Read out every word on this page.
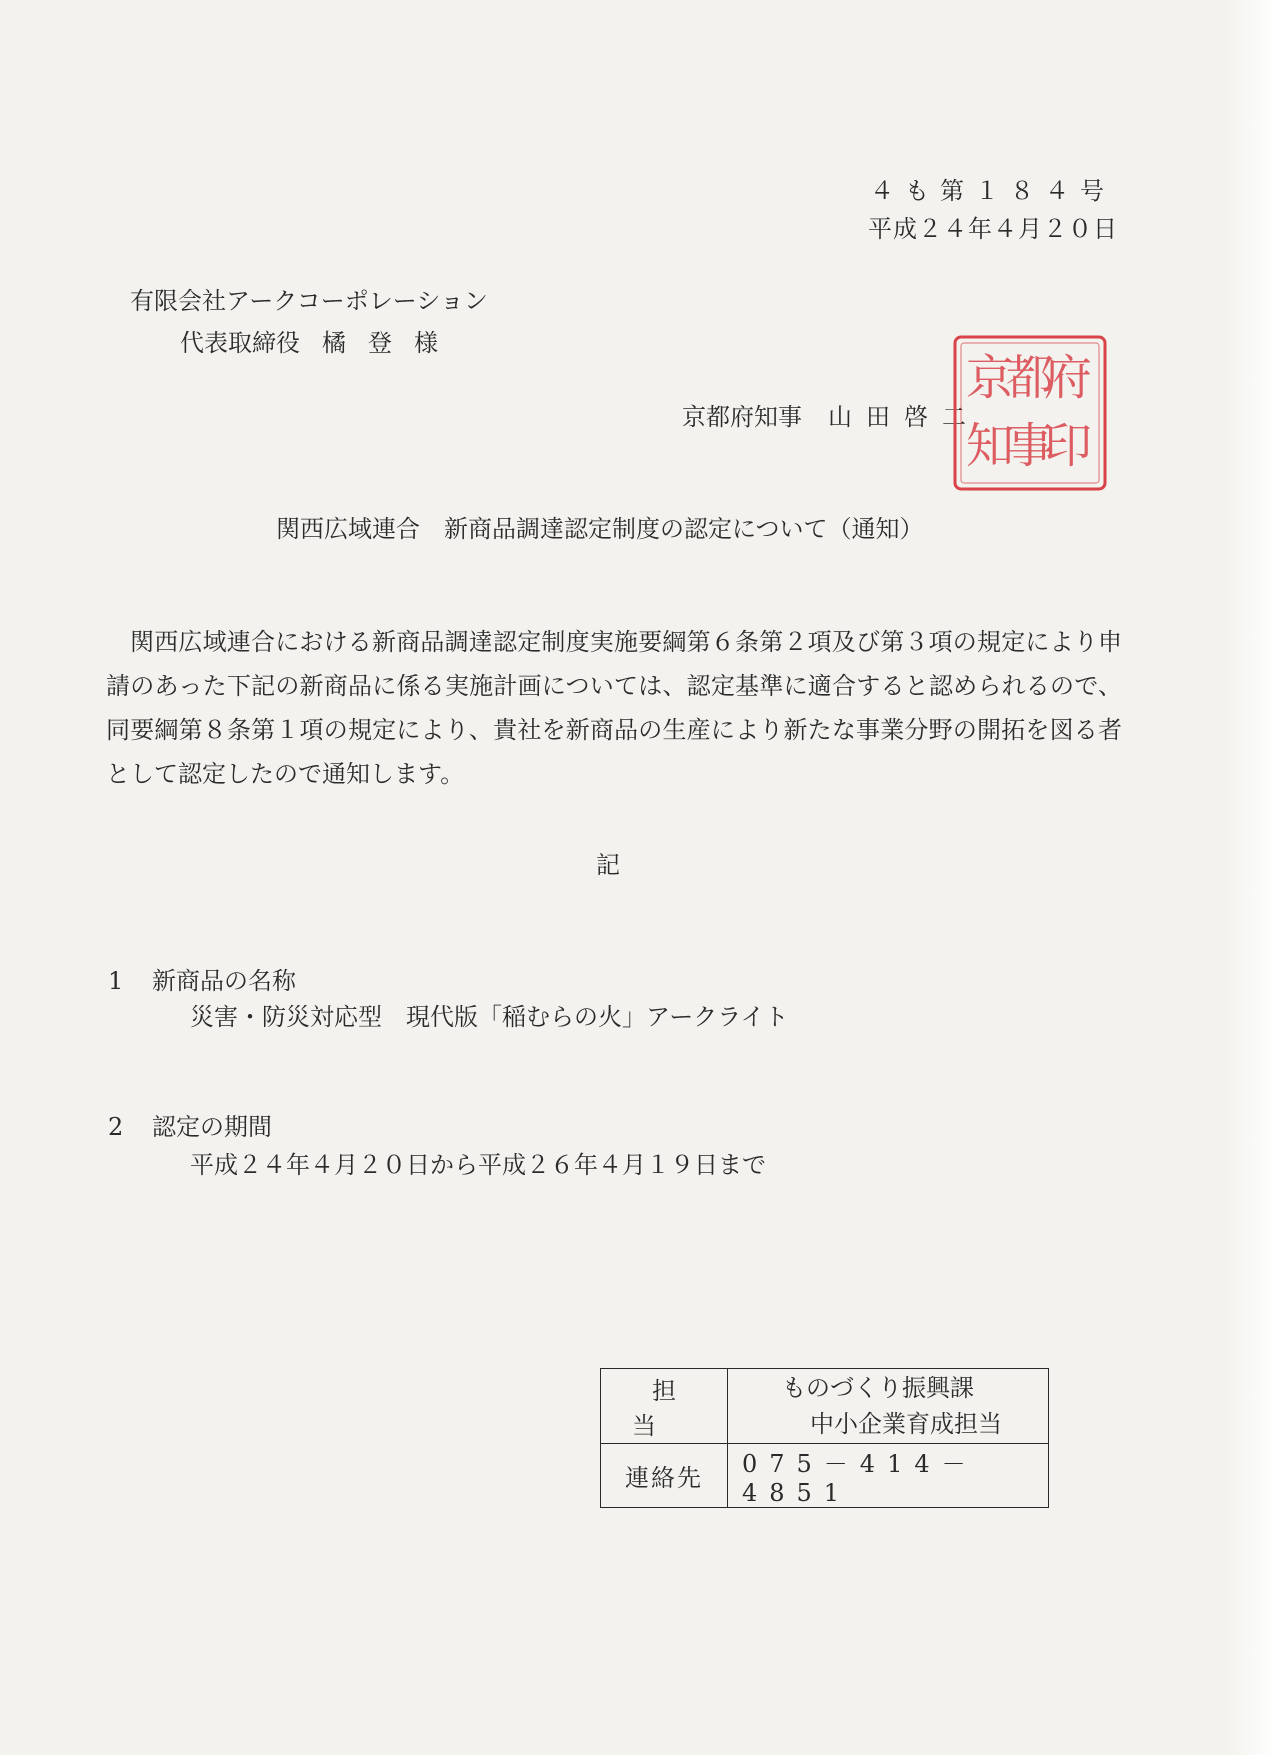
４も第１８４号
平成２４年４月２０日
有限会社アークコーポレーション
代表取締役 橘 登 様
京都府知事 山田啓二
府
印
都
事
京
知
関西広域連合　新商品調達認定制度の認定について（通知）

関西広域連合における新商品調達認定制度実施要綱第６条第２項及び第３項の規定により申請のあった下記の新商品に係る実施計画については、認定基準に適合すると認められるので、同要綱第８条第１項の規定により、貴社を新商品の生産により新たな事業分野の開拓を図る者として認定したので通知します。

記
1 新商品の名称
災害・防災対応型　現代版「稲むらの火」アークライト
2 認定の期間
平成２４年４月２０日から平成２６年４月１９日まで
担当	ものづくり振興課
中小企業育成担当

連絡先	075－414－4851
